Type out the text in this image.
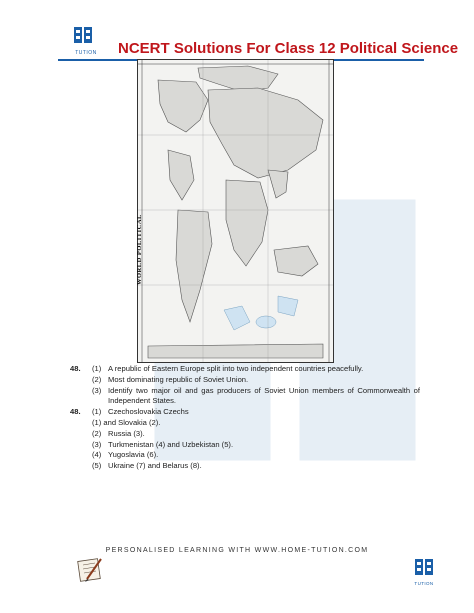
TUTION NCERT Solutions For Class 12 Political Science
WORLD POLITICAL
48. (1) A republic of Eastern Europe split into two independent countries peacefully.
(2) Most dominating republic of Soviet Union.
(3) Identify two major oil and gas producers of Soviet Union members of Commonwealth of Independent States.
48. (1) Czechoslovakia Czechs
(1) and Slovakia (2).
(2) Russia (3).
(3) Turkmenistan (4) and Uzbekistan (5).
(4) Yugoslavia (6).
(5) Ukraine (7) and Belarus (8).
PERSONALISED LEARNING WITH WWW.HOME-TUTION.COM
TUTION
